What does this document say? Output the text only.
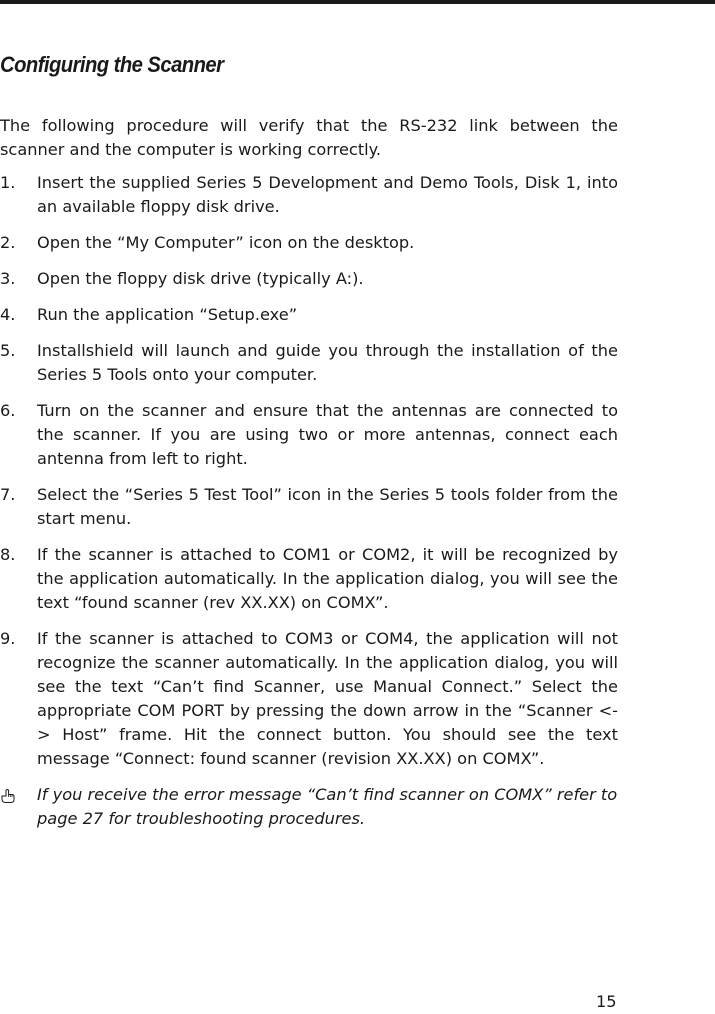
Configuring the Scanner

The following procedure will verify that the RS-232 link between the scanner and the computer is working correctly.

1.	Insert the supplied Series 5 Development and Demo Tools, Disk 1, into an available floppy disk drive.
2.	Open the “My Computer” icon on the desktop.
3.	Open the floppy disk drive (typically A:).
4.	Run the application “Setup.exe”
5.	Installshield will launch and guide you through the installation of the Series 5 Tools onto your computer.
6.	Turn on the scanner and ensure that the antennas are connected to the scanner. If you are using two or more antennas, connect each antenna from left to right.
7.	Select the “Series 5 Test Tool” icon in the Series 5 tools folder from the start menu.
8.	If the scanner is attached to COM1 or COM2, it will be recognized by the application automatically. In the application dialog, you will see the text “found scanner (rev XX.XX) on COMX”.
9.	If the scanner is attached to COM3 or COM4, the application will not recognize the scanner automatically. In the application dialog, you will see the text “Can’t find Scanner, use Manual Connect.” Select the appropriate COM PORT by pressing the down arrow in the “Scanner <-> Host” frame. Hit the connect button. You should see the text message “Connect: found scanner (revision XX.XX) on COMX”.
If you receive the error message “Can’t find scanner on COMX” refer to page 27 for troubleshooting procedures.
15
